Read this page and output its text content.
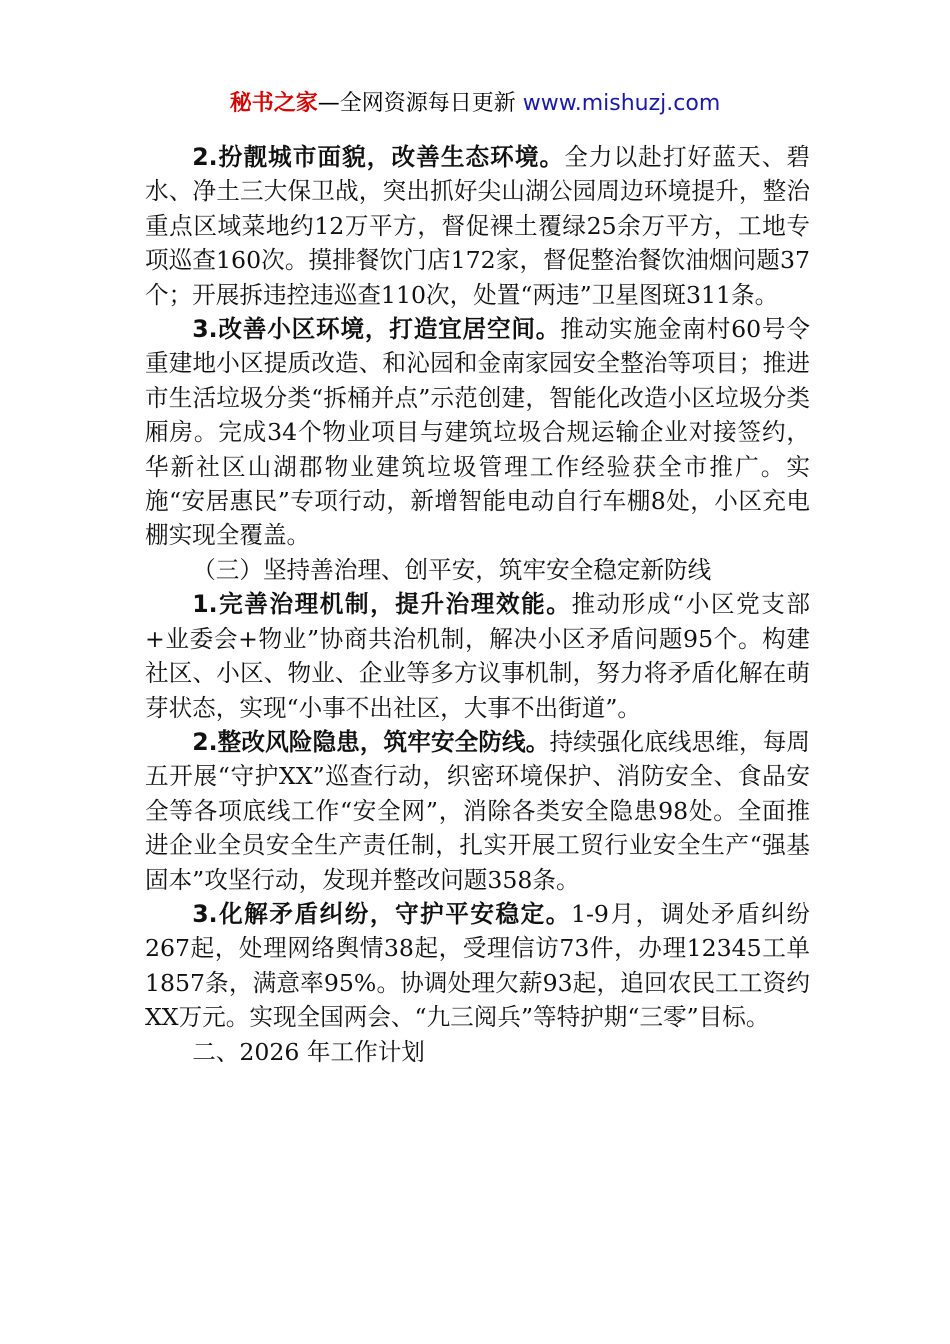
秘书之家—全网资源每日更新 www.mishuzj.com

2.扮靓城市面貌，改善生态环境。全力以赴打好蓝天、碧水、净土三大保卫战，突出抓好尖山湖公园周边环境提升，整治重点区域菜地约12万平方，督促裸土覆绿25余万平方，工地专项巡查160次。摸排餐饮门店172家，督促整治餐饮油烟问题37个；开展拆违控违巡查110次，处置“两违”卫星图斑311条。

3.改善小区环境，打造宜居空间。推动实施金南村60号令重建地小区提质改造、和沁园和金南家园安全整治等项目；推进市生活垃圾分类“拆桶并点”示范创建，智能化改造小区垃圾分类厢房。完成34个物业项目与建筑垃圾合规运输企业对接签约，华新社区山湖郡物业建筑垃圾管理工作经验获全市推广。实施“安居惠民”专项行动，新增智能电动自行车棚8处，小区充电棚实现全覆盖。

（三）坚持善治理、创平安，筑牢安全稳定新防线

1.完善治理机制，提升治理效能。推动形成“小区党支部+业委会+物业”协商共治机制，解决小区矛盾问题95个。构建社区、小区、物业、企业等多方议事机制，努力将矛盾化解在萌芽状态，实现“小事不出社区，大事不出街道”。

2.整改风险隐患，筑牢安全防线。持续强化底线思维，每周五开展“守护XX”巡查行动，织密环境保护、消防安全、食品安全等各项底线工作“安全网”，消除各类安全隐患98处。全面推进企业全员安全生产责任制，扎实开展工贸行业安全生产“强基固本”攻坚行动，发现并整改问题358条。

3.化解矛盾纠纷，守护平安稳定。1-9月，调处矛盾纠纷267起，处理网络舆情38起，受理信访73件，办理12345工单1857条，满意率95%。协调处理欠薪93起，追回农民工工资约XX万元。实现全国两会、“九三阅兵”等特护期“三零”目标。

二、2026 年工作计划
